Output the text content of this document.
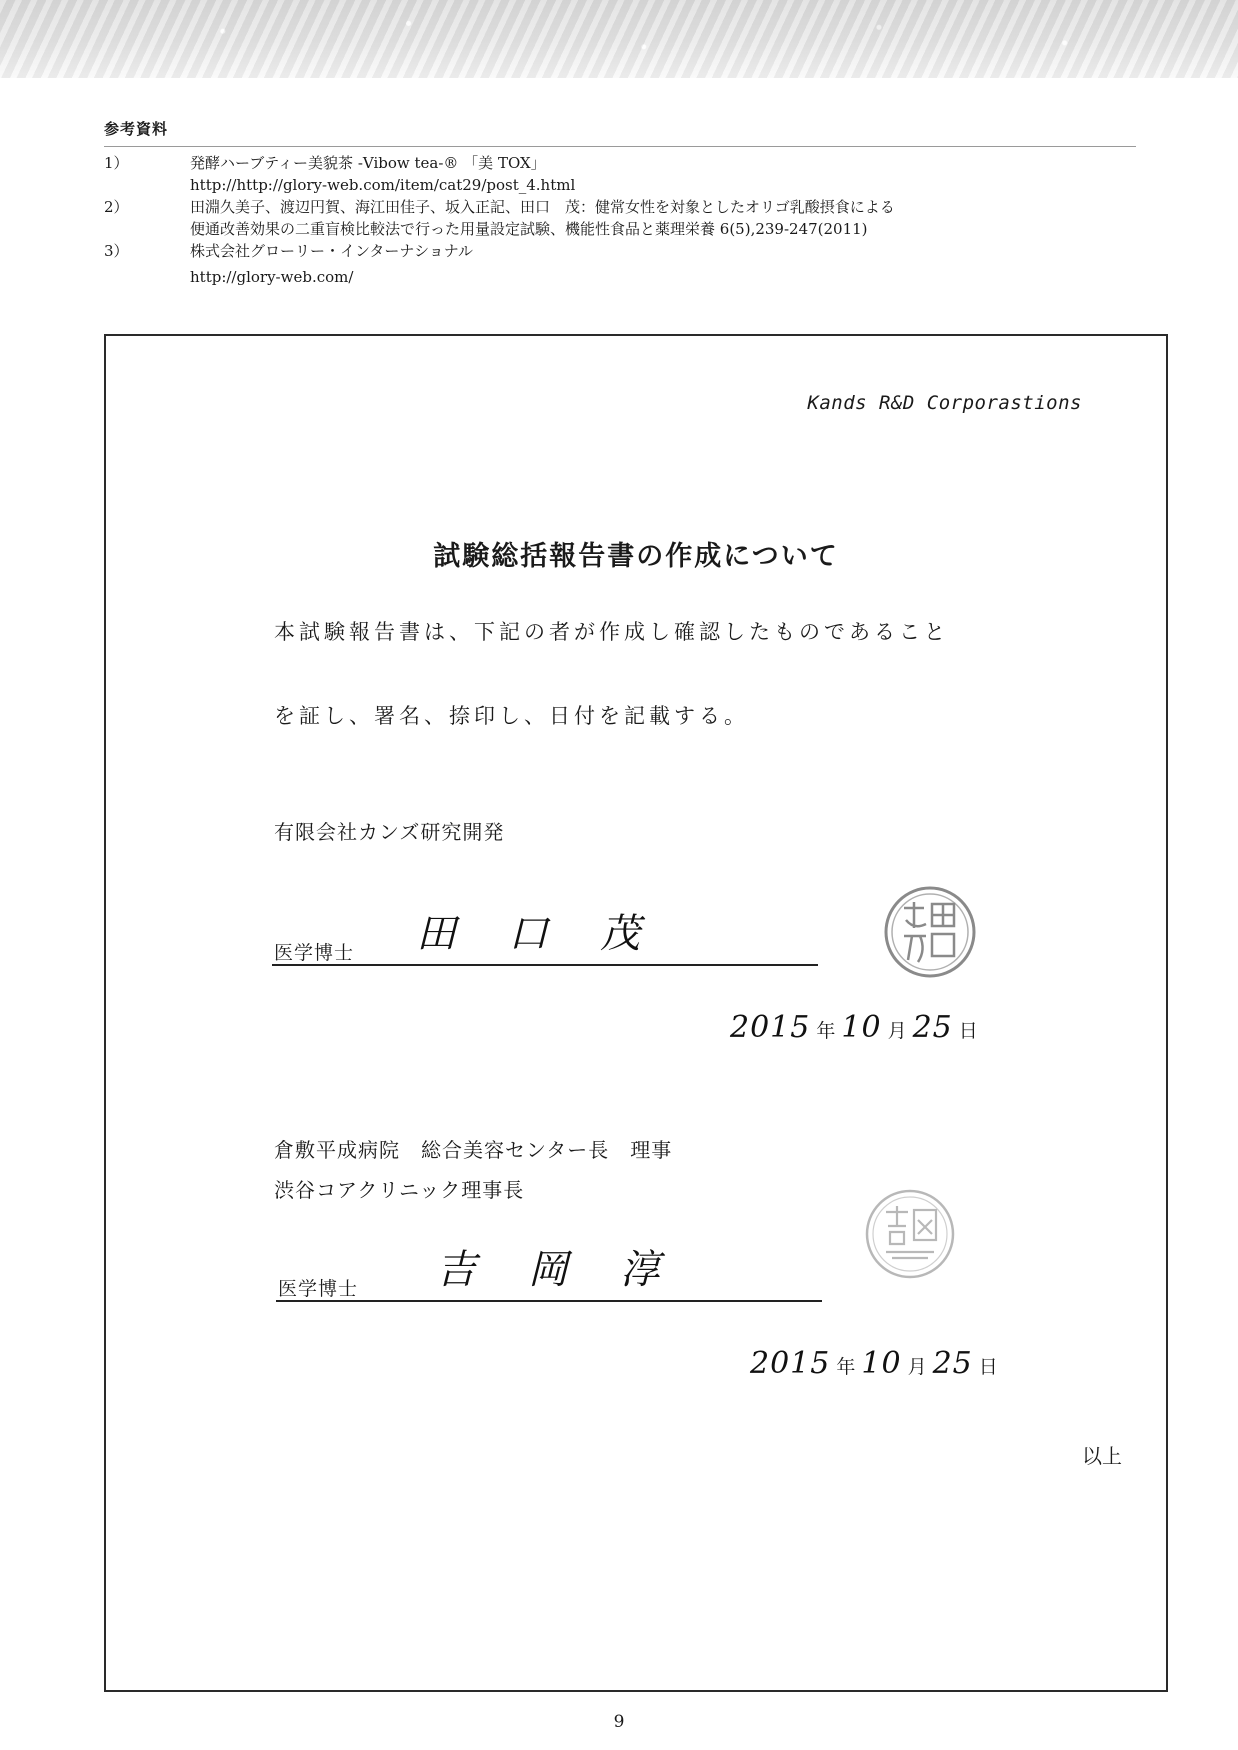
参考資料
1）	発酵ハーブティー美貌茶 -Vibow tea-® 「美 TOX」
http://http://glory-web.com/item/cat29/post_4.html
2）	田淵久美子、渡辺円賀、海江田佳子、坂入正記、田口　茂：健常女性を対象としたオリゴ乳酸摂食による
便通改善効果の二重盲検比較法で行った用量設定試験、機能性食品と薬理栄養 6(5),239-247(2011)
3）	株式会社グローリー・インターナショナル
http://glory-web.com/
Kands R&D Corporastions
試験総括報告書の作成について
本試験報告書は、下記の者が作成し確認したものであること
を証し、署名、捺印し、日付を記載する。
有限会社カンズ研究開発
医学博士 田　口　茂
2015 年 10 月 25 日
倉敷平成病院　総合美容センター長　理事
渋谷コアクリニック理事長
医学博士 吉　岡　淳
2015 年 10 月 25 日
以上
9
